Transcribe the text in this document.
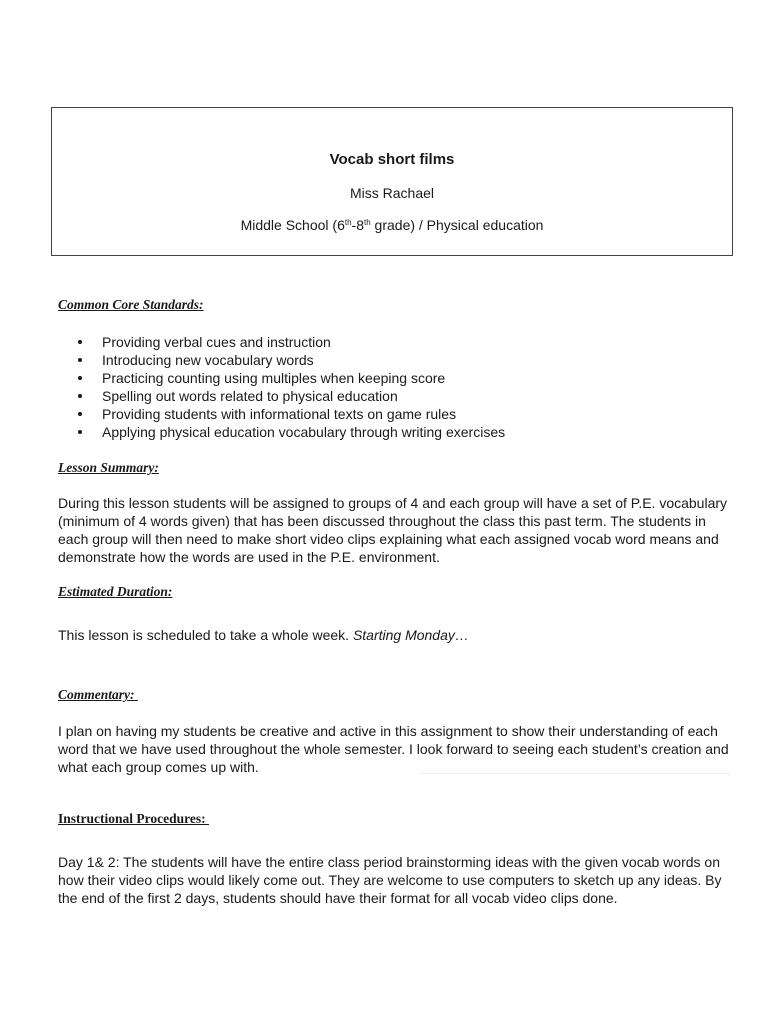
Vocab short films
Miss Rachael
Middle School (6th-8th grade) / Physical education
Common Core Standards:
Providing verbal cues and instruction
Introducing new vocabulary words
Practicing counting using multiples when keeping score
Spelling out words related to physical education
Providing students with informational texts on game rules
Applying physical education vocabulary through writing exercises
Lesson Summary:
During this lesson students will be assigned to groups of 4 and each group will have a set of P.E. vocabulary (minimum of 4 words given) that has been discussed throughout the class this past term. The students in each group will then need to make short video clips explaining what each assigned vocab word means and demonstrate how the words are used in the P.E. environment.
Estimated Duration:
This lesson is scheduled to take a whole week. Starting Monday…
Commentary:
I plan on having my students be creative and active in this assignment to show their understanding of each word that we have used throughout the whole semester. I look forward to seeing each student’s creation and what each group comes up with.
Instructional Procedures:
Day 1& 2: The students will have the entire class period brainstorming ideas with the given vocab words on how their video clips would likely come out. They are welcome to use computers to sketch up any ideas. By the end of the first 2 days, students should have their format for all vocab video clips done.
